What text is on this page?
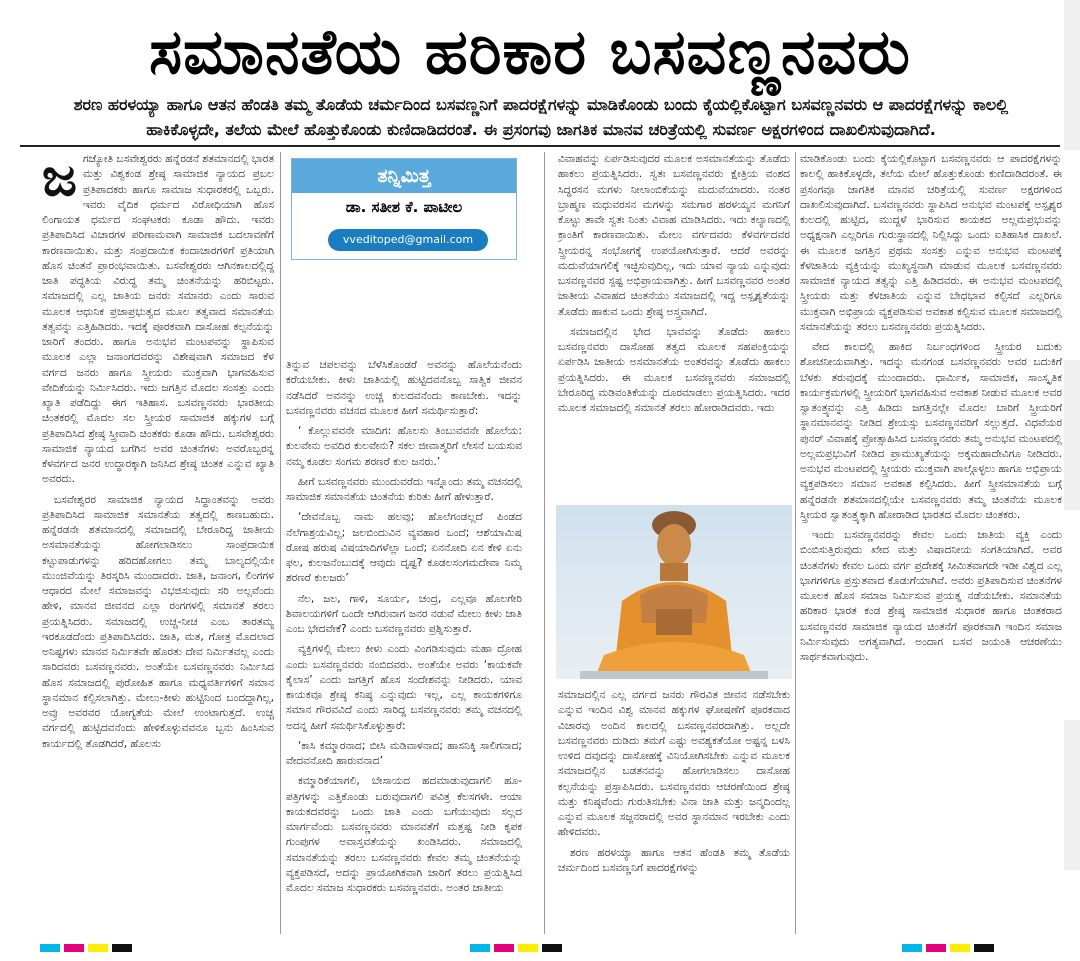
ಸಮಾನತೆಯ ಹರಿಕಾರ ಬಸವಣ್ಣನವರು
ಶರಣ ಹರಳಯ್ಯಾ ಹಾಗೂ ಆತನ ಹೆಂಡತಿ ತಮ್ಮ ತೊಡೆಯ ಚರ್ಮದಿಂದ ಬಸವಣ್ಣನಿಗೆ ಪಾದರಕ್ಷೆಗಳನ್ನು ಮಾಡಿಕೊಂಡು ಬಂದು ಕೈಯಲ್ಲಿಕೊಟ್ಟಾಗ ಬಸವಣ್ಣನವರು ಆ ಪಾದರಕ್ಷೆಗಳನ್ನು ಕಾಲಲ್ಲಿ ಹಾಕಿಕೊಳ್ಳದೇ, ತಲೆಯ ಮೇಲೆ ಹೊತ್ತುಕೊಂಡು ಕುಣಿದಾಡಿದರಂತೆ. ಈ ಪ್ರಸಂಗವು ಜಾಗತಿಕ ಮಾನವ ಚರಿತ್ರೆಯಲ್ಲಿ ಸುವರ್ಣ ಅಕ್ಷರಗಳಿಂದ ದಾಖಲಿಸುವುದಾಗಿದೆ.

ಜಗಜ್ಯೋತಿ ಬಸವೇಶ್ವರರು ಹನ್ನೆರಡನೆ ಶತಮಾನದಲ್ಲಿ ಭಾರತ ಮತ್ತು ವಿಶ್ವಕಂಡ ಶ್ರೇಷ್ಠ ಸಾಮಾಜಿಕ ನ್ಯಾಯದ ಪ್ರಬಲ ಪ್ರತಿಪಾದಕರು ಹಾಗೂ ಸಾಮಾಜ ಸುಧಾರಕರಲ್ಲಿ ಒಬ್ಬರು. ಇವರು ವೈದಿಕ ಧರ್ಮದ ವಿರೋಧಿಯಾಗಿ ಹೊಸ ಲಿಂಗಾಯತ ಧರ್ಮದ ಸಂಘಟಕರು ಕೂಡಾ ಹೌದು. ಇವರು ಪ್ರತಿಪಾದಿಸಿದ ವಿಚಾರಗಳ ಪರಿಣಾಮವಾಗಿ ಸಾಮಾಜಿಕ ಬದಲಾವಣೆಗೆ ಕಾರಣವಾಯಿತು. ಮತ್ತು ಸಂಪ್ರದಾಯಿಕ ಕಂದಾಚಾರಗಳಿಗೆ ಪ್ರತಿಯಾಗಿ ಹೊಸ ಚಿಂತನೆ ಪ್ರಾರಂಭವಾಯಿತು. ಬಸವೇಶ್ವರರು ಆಗಿನಕಾಲದಲ್ಲಿದ್ದ ಜಾತಿ ಪದ್ಧತಿಯ ವಿರುದ್ಧ ತಮ್ಮ ಚಿಂತನೆಯನ್ನು ಹರಿಬಿಟ್ಟರು. ಸಮಾಜದಲ್ಲಿ ಎಲ್ಲ ಜಾತಿಯ ಜನರು ಸಮಾನರು ಎಂದು ಸಾರುವ ಮೂಲಕ ಆಧುನಿಕ ಪ್ರಜಾಪ್ರಭುತ್ವದ ಮೂಲ ತತ್ವವಾದ ಸಮಾನತೆಯ ತತ್ವವನ್ನು ಎತ್ತಿಹಿಡಿದರು. ಇದಕ್ಕೆ ಪೂರಕವಾಗಿ ದಾಸೋಹ ಕಲ್ಪನೆಯನ್ನು ಜಾರಿಗೆ ತಂದರು. ಹಾಗೂ ಅನುಭವ ಮಂಟಪವನ್ನು ಸ್ಥಾಪಿಸುವ ಮೂಲಕ ಎಲ್ಲಾ ಜನಾಂಗದವರನ್ನು ವಿಶೇಷವಾಗಿ ಸಮಾಜದ ಕೆಳ ವರ್ಗದ ಜನರು ಹಾಗೂ ಸ್ತ್ರೀಯರು ಮುಕ್ತವಾಗಿ ಭಾಗವಹಿಸುವ ವೇದಿಕೆಯನ್ನು ನಿರ್ಮಿಸಿದರು. ಇದು ಜಗತ್ತಿನ ಮೊದಲ ಸಂಸತ್ತು ಎಂದು ಖ್ಯಾತಿ ಪಡೆದಿದ್ದು ಈಗ ಇತಿಹಾಸ. ಬಸವಣ್ಣನವರು ಭಾರತೀಯ ಚಿಂತಕರಲ್ಲಿ ಮೊದಲ ಸಲ ಸ್ತ್ರೀಯರ ಸಾಮಾಜಿಕ ಹಕ್ಕುಗಳ ಬಗ್ಗೆ ಪ್ರತಿಪಾದಿಸಿದ ಶ್ರೇಷ್ಠ ಸ್ತ್ರೀವಾದಿ ಚಿಂತಕರು ಕೂಡಾ ಹೌದು. ಬಸವೇಶ್ವರರು ಸಾಮಾಜಿಕ ನ್ಯಾಯದ ಬಗೆಗಿನ ಅವರ ಚಿಂತನೆಗಳು ಅವರೊಬ್ಬರನ್ನ ಕೆಳವರ್ಗದ ಜನರ ಉದ್ಧಾರಕ್ಕಾಗಿ ಜನಿಸಿದ ಶ್ರೇಷ್ಠ ಚಿಂತಕ ಎನ್ನುವ ಖ್ಯಾತಿ ಅವರದು.

ಬಸವೇಶ್ವರರ ಸಾಮಾಜಿಕ ನ್ಯಾಯದ ಸಿದ್ಧಾಂತವನ್ನು ಅವರು ಪ್ರತಿಪಾದಿಸಿದ ಸಾಮಾಜಿಕ ಸಮಾನತೆಯ ತತ್ವದಲ್ಲಿ ಕಾಣಬಹುದು. ಹನ್ನೆರಡನೇ ಶತಮಾನದಲ್ಲಿ ಸಮಾಜದಲ್ಲಿ ಬೇರೂರಿದ್ದ ಜಾತೀಯ ಅಸಮಾನತೆಯನ್ನು ಹೋಗಲಾಡಿಸಲು ಸಾಂಪ್ರದಾಯಿಕ ಕಟ್ಟುಪಾಡುಗಳನ್ನು ಹರಿದಹೋಗಲು ತಮ್ಮ ಬಾಲ್ಯದಲ್ಲಿಯೇ ಮುಂಜಿವೆಯನ್ನು ತಿರಸ್ಕರಿಸಿ ಮುಂದಾದರು. ಜಾತಿ, ಜನಾಂಗ, ಲಿಂಗಗಳ ಆಧಾರದ ಮೇಲೆ ಸಮಾಜವನ್ನು ವಿಭಜಿಸುವುದು ಸರಿ ಅಲ್ಲವೆಂದು ಹೇಳಿ, ಮಾನವ ಜೀವನದ ಎಲ್ಲಾ ರಂಗಗಳಲ್ಲಿ ಸಮಾನತೆ ತರಲು ಪ್ರಯತ್ನಿಸಿದರು. ಸಮಾಜದಲ್ಲಿ ಉಚ್ಚ-ನೀಚ ಎಂಬ ತಾರತಮ್ಯ ಇರಕೂಡದೆಂದು ಪ್ರತಿಪಾದಿಸಿದರು. ಜಾತಿ, ಮತ, ಗೋತ್ರ ಮೊದಲಾದ ಅನಿಷ್ಟಗಳು ಮಾನವ ನಿರ್ಮಿತವೇ ಹೊರತು ದೇವ ನಿರ್ಮಿತವಲ್ಲ ಎಂದು ಸಾರಿದವರು ಬಸವಣ್ಣನವರು. ಅಂತೆಯೇ ಬಸವಣ್ಣನವರು ನಿರ್ಮಿಸಿದ ಹೊಸ ಸಮಾಜದಲ್ಲಿ ಪುರೋಹಿತ ಹಾಗೂ ಮಧ್ಯವರ್ತಿಗಳಿಗೆ ಸಮಾನ ಸ್ಥಾನಮಾನ ಕಲ್ಪಿಸಲಾಗಿತ್ತು. ಮೇಲು-ಕೀಳು ಹುಟ್ಟಿನಿಂದ ಬಂದದ್ದಾಗಿಲ್ಲ, ಅವ್ರು ಅವರವರ ಯೋಗ್ಯತೆಯ ಮೇಲೆ ಉಂಟಾಗುತ್ತದೆ. ಉಚ್ಚ ವರ್ಗದಲ್ಲಿ ಹುಟ್ಟಿದವನೆಂದು ಹೇಳಿಕೊಳ್ಳುವವನೂ ಬ್ಬನು ಹಿಂಸಿಸುವ ಕಾರ್ಯದಲ್ಲಿ ತೊಡಗಿದರೆ, ಹೊಲಸು

ತನ್ನಿಮಿತ್ತ
ಡಾ. ಸತೀಶ ಕೆ. ಪಾಟೀಲ
vveditoped@gmail.com

ತಿನ್ನುವ ಚಪಲವನ್ನು ಬೆಳೆಸಿಕೊಂಡರೆ ಅವನನ್ನು ಹೊಲೆಯನೆಂದು ಕರೆಯಬೇಕು. ಕೀಳು ಜಾತಿಯಲ್ಲಿ ಹುಟ್ಟಿದವನೊಬ್ಬ ಸಾತ್ವಿಕ ಜೀವನ ನಡೆಸಿದರೆ ಅವನನ್ನು ಉಚ್ಚ ಕುಲದವನೆಂದು ಕಾಣಬೇಕು. ಇದನ್ನು ಬಸವಣ್ಣನವರು ವಚನದ ಮೂಲಕ ಹೀಗೆ ಸಮರ್ಥಿಸುತ್ತಾರೆ:

‘ ಕೊಲ್ಲುವವನೇ ಮಾದಿಗ: ಹೊಲಸು ತಿಂಬುವವನೇ ಹೊಲೆಯ: ಕುಲವೇನು ಅವದಿರ ಕುಲವೇನು? ಸಕಲ ಜೀವಾತ್ಮರಿಗೆ ಲೇಸನೆ ಬಯಸುವ ನಮ್ಮ ಕೂಡಲ ಸಂಗಮ ಶರಣರೆ ಕುಲ ಜನರು.’

ಹೀಗೆ ಬಸವಣ್ಣನವರು ಮುಂದುವರೆದು ಇನ್ನೊಂದು ತಮ್ಮ ವಚನದಲ್ಲಿ ಸಾಮಾಜಿಕ ಸಮಾನತೆಯ ಚಿಂತನೆಯ ಕುರಿತು ಹೀಗೆ ಹೇಳುತ್ತಾರೆ.

‘ದೇವನೊಬ್ಬ ನಾಮ ಹಲವು; ಹೊಲೆಗಂಡಲ್ಲದೆ ಪಿಂಡದ ನೆಲೆಗಾಶ್ರಯವಿಲ್ಲ; ಜಲಬಿಂದುವಿನ ವ್ಯವಹಾರ ಒಂದೆ; ಆಶೆಯಾಮಿಷ ರೋಷ ಹರುಷ ವಿಷಯಾದಿಗಳೆಲ್ಲಾ ಒಂದೆ; ಏನನೋದಿ ಏನ ಕೇಳಿ ಏನು ಫಲ, ಕುಲಜನೆಂಬುದಕ್ಕೆ ಆವುದು ದೃಷ್ಟ? ಕೂಡಲಸಂಗಮದೇವಾ ನಿಮ್ಮ ಶರಣರೆ ಕುಲಜರು’

ನೆಲ, ಜಲ, ಗಾಳಿ, ಸೂರ್ಯ, ಚಂದ್ರ, ಎಲ್ಲವೂ ಹೊಲಗೇರಿ ಶಿವಾಲಯಗಳಿಗೆ ಒಂದೇ ಆಗಿರುವಾಗ ಜನರ ನಡುವೆ ಮೇಲು ಕೀಳು ಜಾತಿ ಎಂಬ ಭೇದವೇಕೆ? ಎಂದು ಬಸವಣ್ಣನವರು ಪ್ರಶ್ನಿಸುತ್ತಾರೆ.

ವ್ಯಕ್ತಿಗಳಲ್ಲಿ ಮೇಲು ಕೀಳು ಎಂದು ವಿಂಗಡಿಸುವುದು ಮಹಾ ದ್ರೋಹ ಎಂದು ಬಸವಣ್ಣನವರು ನಂಬಿದವರು. ಅಂತೆಯೇ ಅವರು ‘ಕಾಯಕವೇ ಕೈಲಾಸ’ ಎಂದು ಜಗತ್ತಿಗೆ ಹೊಸ ಸಂದೇಶವನ್ನು ನೀಡಿದರು. ಯಾವ ಕಾಯಕವೂ ಶ್ರೇಷ್ಠ ಕನಿಷ್ಠ ಎನ್ನುವುದು ಇಲ್ಲ, ಎಲ್ಲ ಕಾಯಕಗಳಿಗೂ ಸಮಾನ ಗೌರವವಿದೆ ಎಂದು ಸಾರಿದ್ದ ಬಸವಣ್ಣನವರು ತಮ್ಮ ವಚನದಲ್ಲಿ ಅದನ್ನ ಹೀಗೆ ಸಮರ್ಥಿಸಿಕೊಳ್ಳುತ್ತಾರೆ:

‘ಕಾಸಿ ಕಮ್ಮಾರನಾದ; ಬೀಸಿ ಮಡಿವಾಳನಾದ; ಹಾಸನಿಕ್ಕಿ ಸಾಲಿಗನಾದ; ವೇದವನೋದಿ ಹಾರುವನಾದ’

ಕಮ್ಮಾರಿಕೆಯಾಗಲಿ, ಬೇಸಾಯದ ಹದಮಾಡುವುದಾಗಲಿ ಹೂ- ಪತ್ರಿಗಳನ್ನು ಎತ್ತಿಕೊಂಡು ಬರುವುದಾಗಲಿ ಪವಿತ್ರ ಕೆಲಸಗಳೇ. ಆಯಾ ಕಾಯಕದವರನ್ನು ಒಂದು ಜಾತಿ ಎಂದು ಬಗೆಯುವುದು ಸಲ್ಲದ ಮಾರ್ಗವೆಂದು ಬಸವಣ್ಣನವರು ಮಾನವತೆಗೆ ಮತ್ತಷ್ಟ ನೀಡಿ ಕೃಪಕ ಗುಂಪುಗಳ ಅವಾಸ್ತವತೆಯನ್ನು ಖಂಡಿಸಿದರು. ಸಮಾಜದಲ್ಲಿ ಸಮಾನತೆಯನ್ನು ತರಲು ಬಸವಣ್ಣನವರು ಕೇವಲ ತಮ್ಮ ಚಿಂತನೆಯನ್ನು ವ್ಯಕ್ತಪಡಿಸದೆ, ಅದನ್ನು ಪ್ರಾಯೋಗಿಕವಾಗಿ ಜಾರಿಗೆ ತರಲು ಪ್ರಯತ್ನಿಸಿದ ಮೊದಲ ಸಮಾಜ ಸುಧಾರಕರು ಬಸವಣ್ಣನವರು. ಅಂತರ ಜಾತೀಯ

ವಿವಾಹವನ್ನು ಏರ್ಪಡಿಸುವುದರ ಮೂಲಕ ಅಸಮಾನತೆಯನ್ನು ತೊಡೆದು ಹಾಕಲು ಪ್ರಯತ್ನಿಸಿದರು. ಸ್ವತಃ ಬಸವಣ್ಣನವರು ಕ್ಷೇತ್ರಿಯ ವಂಶದ ಸಿದ್ಧರಸನ ಮಗಳು ನೀಲಾಂಬಿಕೆಯನ್ನು ಮದುವೆಯಾದರು. ನಂತರ ಬ್ರಾಹ್ಮಣ ಮಧುವರಸನ ಮಗಳನ್ನು ಸಮಗಾರ ಹರಳಯ್ಯನ ಮಗನಿಗೆ ಕೊಟ್ಟು ತಾವೇ ಸ್ವತಃ ನಿಂತು ವಿವಾಹ ಮಾಡಿಸಿದರು. ಇದು ಕಲ್ಯಾಣದಲ್ಲಿ ಕ್ರಾಂತಿಗೆ ಕಾರಣವಾಯಿತು. ಮೇಲು ವರ್ಗದವರು ಕೆಳವರ್ಗದವರ ಸ್ತ್ರೀಯರನ್ನ ಸಂಭೋಗಕ್ಕೆ ಉಪಯೋಗಿಸುತ್ತಾರೆ. ಆದರೆ ಅವರನ್ನು ಮದುವೆಯಾಗಲಿಕ್ಕೆ ಇಚ್ಛಿಸುವುದಿಲ್ಲ, ಇದು ಯಾವ ನ್ಯಾಯ ಎನ್ನುವುದು ಬಸವಣ್ಣನವರ ಸ್ಪಷ್ಟ ಅಭಿಪ್ರಾಯವಾಗಿತ್ತು. ಹೀಗೆ ಬಸವಣ್ಣನವರ ಅಂತರ ಜಾತೀಯ ವಿವಾಹದ ಚಿಂತನೆಯು ಸಮಾಜದಲ್ಲಿ ಇದ್ದ ಅಸ್ಪೃಶ್ಯತೆಯನ್ನು ತೊಡೆದು ಹಾಕುವ ಒಂದು ಶ್ರೇಷ್ಠ ಅಸ್ತ್ರವಾಗಿದೆ.

ಸಮಾಜದಲ್ಲಿನ ಭೇದ ಭಾವವನ್ನು ತೊಡೆದು ಹಾಕಲು ಬಸವಣ್ಣನವರು ದಾಸೋಹ ತತ್ವದ ಮೂಲಕ ಸಹಪಂಕ್ತಿಯನ್ನು ಏರ್ಪಡಿಸಿ ಜಾತೀಯ ಅಸಮಾನತೆಯ ಅಂತರವನ್ನು ತೊಡೆದು ಹಾಕಲು ಪ್ರಯತ್ನಿಸಿದರು. ಈ ಮೂಲಕ ಬಸವಣ್ಣನವರು ಸಮಾಜದಲ್ಲಿ ಬೇರೂರಿದ್ದ ಮಡಿವಂತಿಕೆಯನ್ನು ದೂರಮಾಡಲು ಪ್ರಯತ್ನಿಸಿದರು. ಇದರ ಮೂಲಕ ಸಮಾಜದಲ್ಲಿ ಸಮಾನತೆ ತರಲು ಹೋರಾಡಿದವರು. ಇದು

ಸಮಾಜದಲ್ಲಿನ ಎಲ್ಲ ವರ್ಗದ ಜನರು ಗೌರವಿತ ಜೀವನ ನಡೆಸಬೇಕು ಎನ್ನುವ ಇಂದಿನ ವಿಶ್ವ ಮಾನವ ಹಕ್ಕುಗಳ ಘೋಷಣೆಗೆ ಪೂರಕವಾದ ವಿಚಾರವು ಅಂದಿನ ಕಾಲದಲ್ಲಿ ಬಸವಣ್ಣನವರದಾಗಿತ್ತು. ಅಲ್ಲದೇ ಬಸವಣ್ಣನವರು ದುಡಿದು ತಮಗೆ ಎಷ್ಟು ಅವಶ್ಯಕತೆಯೋ ಅಷ್ಟನ್ನ ಬಳಸಿ ಉಳಿದ ದವುದನ್ನು ದಾಸೋಹಕ್ಕೆ ವಿನಿಯೋಗಿಸಬೇಕು ಎನ್ನುವ ಮೂಲಕ ಸಮಾಜದಲ್ಲಿನ ಬಡತನವನ್ನು ಹೋಗಲಾಡಿಸಲು ದಾಸೋಹ ಕಲ್ಪನೆಯನ್ನು ಪ್ರಸ್ತಾಪಿಸಿದರು. ಬಸವಣ್ಣನವರು ಆಚರಣೆಯಿಂದ ಶ್ರೇಷ್ಠ ಮತ್ತು ಕನಿಷ್ಠವೆಂದು ಗುರುತಿಸಬೇಕು ವಿನಾ ಜಾತಿ ಮತ್ತು ಜನ್ಮದಿಂದಲ್ಲ ಎನ್ನುವ ಮೂಲಕ ಸಜ್ಜನರಾದಲ್ಲಿ ಅವರ ಸ್ಥಾನಮಾನ ಇರಬೇಕು ಎಂದು ಹೇಳಿದವರು.

ಶರಣ ಹರಳಯ್ಯಾ ಹಾಗೂ ಆತನ ಹೆಂಡತಿ ತಮ್ಮ ತೊಡೆಯ ಚರ್ಮದಿಂದ ಬಸವಣ್ಣನಿಗೆ ಪಾದರಕ್ಷೆಗಳನ್ನು

ಮಾಡಿಕೊಂಡು ಬಂದು ಕೈಯಲ್ಲಿಕೊಟ್ಟಾಗ ಬಸವಣ್ಣನವರು ಆ ಪಾದರಕ್ಷೆಗಳನ್ನು ಕಾಲಲ್ಲಿ ಹಾಕಿಕೊಳ್ಳದೇ, ತಲೆಯ ಮೇಲೆ ಹೊತ್ತುಕೊಂಡು ಕುಣಿದಾಡಿದರಂತೆ. ಈ ಪ್ರಸಂಗವೂ ಜಾಗತಿಕ ಮಾನವ ಚರಿತ್ರೆಯಲ್ಲಿ ಸುವರ್ಣ ಅಕ್ಷರಗಳಿಂದ ದಾಖಲಿಸುವುದಾಗಿದೆ. ಬಸವಣ್ಣನವರು ಸ್ಥಾಪಿಸಿದ ಅನುಭವ ಮಂಟಪಕ್ಕೆ ಅಸ್ಪೃಶ್ಯರ ಕುಲದಲ್ಲಿ ಹುಟ್ಟಿದ, ಮುದ್ದಳೆ ಭಾರಿಸುವ ಕಾಯಕದ ಅಲ್ಲಮಪ್ರಭುವನ್ನು ಅಧ್ಯಕ್ಷನಾಗಿ ಎಲ್ಲರಿಗೂ ಗುರುಸ್ಥಾನದಲ್ಲಿ ನಿಲ್ಲಿಸಿದ್ದು ಒಂದು ಐತಿಹಾಸಿಕ ದಾಖಲೆ. ಈ ಮೂಲಕ ಜಗತ್ತಿನ ಪ್ರಥಮ ಸಂಸತ್ತು ಎನ್ನುವ ಅನುಭವ ಮಂಟಪಕ್ಕೆ ಕೆಳಜಾತಿಯ ವ್ಯಕ್ತಿಯನ್ನು ಮುಖ್ಯಸ್ಥನಾಗಿ ಮಾಡುವ ಮೂಲಕ ಬಸವಣ್ಣನವರು ಸಾಮಾಜಿಕ ನ್ಯಾಯದ ತತ್ವನ್ನು ಎತ್ತಿ ಹಿಡಿದವರು. ಈ ಅನುಭವ ಮಂಟಪದಲ್ಲಿ ಸ್ತ್ರೀಯರು ಮತ್ತು ಕೆಳಜಾತಿಯ ಎನ್ನುವ ಬೇಧಭಾವ ಕಲ್ಪಿಸದೆ ಎಲ್ಲರಿಗೂ ಮುಕ್ತವಾಗಿ ಅಭಿಪ್ರಾಯ ವ್ಯಕ್ತಪಡಿಸುವ ಅವಕಾಶ ಕಲ್ಪಿಸುವ ಮೂಲಕ ಸಮಾಜದಲ್ಲಿ ಸಮಾನತೆಯನ್ನು ತರಲು ಬಸವಣ್ಣನವರು ಪ್ರಯತ್ನಿಸಿದರು.

ವೇದ ಕಾಲದಲ್ಲಿ ಹಾಕಿದ ನಿರ್ಬಂಧಗಳಿಂದ ಸ್ತ್ರೀಯರ ಬದುಕು ಶೋಚನೀಯವಾಗಿತ್ತು. ಇದನ್ನು ಮನಗಂಡ ಬಸವಣ್ಣನವರು ಅವರ ಬದುಕಿಗೆ ಬೆಳಕು ತರುವುದಕ್ಕೆ ಮುಂದಾದರು. ಧಾರ್ಮಿಕ, ಸಾಮಾಜಿಕ, ಸಾಂಸ್ಕೃತಿಕ ಕಾರ್ಯಕ್ರಮಗಳಲ್ಲಿ ಸ್ತ್ರೀಯರಿಗೆ ಭಾಗವಹಿಸುವ ಅವಕಾಶ ನೀಡುವ ಮೂಲಕ ಅವರ ಸ್ವಾತಂತ್ರ್ಯವನ್ನು ಎತ್ತಿ ಹಿಡಿದು ಜಗತ್ತಿನಲ್ಲೇ ಮೊದಲ ಬಾರಿಗೆ ಸ್ತ್ರೀಯರಿಗೆ ಸ್ಥಾನಮಾನವನ್ನು ನೀಡಿದ ಶ್ರೇಯಸ್ಸು ಬಸವಣ್ಣನವರಿಗೆ ಸಲ್ಲುತ್ತದೆ. ವಿಧವೆಯರ ಪುನರ್ ವಿವಾಹಕ್ಕೆ ಪ್ರೋತ್ಸಾಹಿಸಿದ ಬಸವಣ್ಣನವರು ತಮ್ಮ ಅನುಭವ ಮಂಟಪದಲ್ಲಿ ಅಲ್ಲಮಪ್ರಭುವಿಗೆ ನೀಡಿದ ಪ್ರಾಮುಖ್ಯತೆಯನ್ನು ಅಕ್ಕಮಹಾದೇವಿಗೂ ನೀಡಿದರು. ಅನುಭವ ಮಂಟಪದಲ್ಲಿ ಸ್ತ್ರೀಯರು ಮುಕ್ತವಾಗಿ ಪಾಲ್ಗೊಳ್ಳಲು ಹಾಗೂ ಅಭಿಪ್ರಾಯ ವ್ಯಕ್ತಪಡಿಸಲು ಸಮಾನ ಅವಕಾಶ ಕಲ್ಪಿಸಿದರು. ಹೀಗೆ ಸ್ತ್ರೀಸಮಾನತೆಯ ಬಗ್ಗೆ ಹನ್ನೆರಡನೇ ಶತಮಾನದಲ್ಲಿಯೇ ಬಸವಣ್ಣನವರು ತಮ್ಮ ಚಿಂತನೆಯ ಮೂಲಕ ಸ್ತ್ರೀಯರ ಸ್ವಾತಂತ್ರ್ಯಕ್ಕಾಗಿ ಹೋರಾಡಿದ ಭಾರತದ ಮೊದಲ ಚಿಂತಕರು.

ಇಂದು ಬಸವಣ್ಣನವರನ್ನು ಕೇವಲ ಒಂದು ಜಾತಿಯ ವ್ಯಕ್ತಿ ಎಂದು ಬಿಂಬಿಸುತ್ತಿರುವುದು ಖೇದ ಮತ್ತು ವಿಷಾದನೀಯ ಸಂಗತಿಯಾಗಿದೆ. ಅವರ ಚಿಂತನೆಗಳು ಕೇವಲ ಒಂದು ವರ್ಗ ಪ್ರದೇಶಕ್ಕೆ ಸೀಮಿತವಾಗದೇ ಇಡೀ ವಿಶ್ವದ ಎಲ್ಲ ಭಾಗಗಳಿಗೂ ಪ್ರಸ್ತುತವಾದ ಕೊಡುಗೆಯಾಗಿವೆ. ಅವರು ಪ್ರತಿಪಾದಿಸುವ ಚಿಂತನೆಗಳ ಮೂಲಕ ಹೊಸ ಸಮಾಜ ನಿರ್ಮಿಸುವ ಪ್ರಯತ್ನ ನಡೆಯಬೇಕು. ಸಮಾನತೆಯ ಹರಿಕಾರ ಭಾರತ ಕಂಡ ಶ್ರೇಷ್ಠ ಸಾಮಾಜಿಕ ಸುಧಾರಕ ಹಾಗೂ ಚಿಂತಕರಾದ ಬಸವಣ್ಣನವರ ಸಾಮಾಜಿಕ ನ್ಯಾಯದ ಚಿಂತನೆಗೆ ಪೂರಕವಾಗಿ ಇಂದಿನ ಸಮಾಜ ನಿರ್ಮಿಸುವುದು ಅಗತ್ಯವಾಗಿದೆ. ಅಂದಾಗ ಬಸವ ಜಯಂತಿ ಆಚರಣೆಯು ಸಾರ್ಥಕವಾಗುವುದು.
